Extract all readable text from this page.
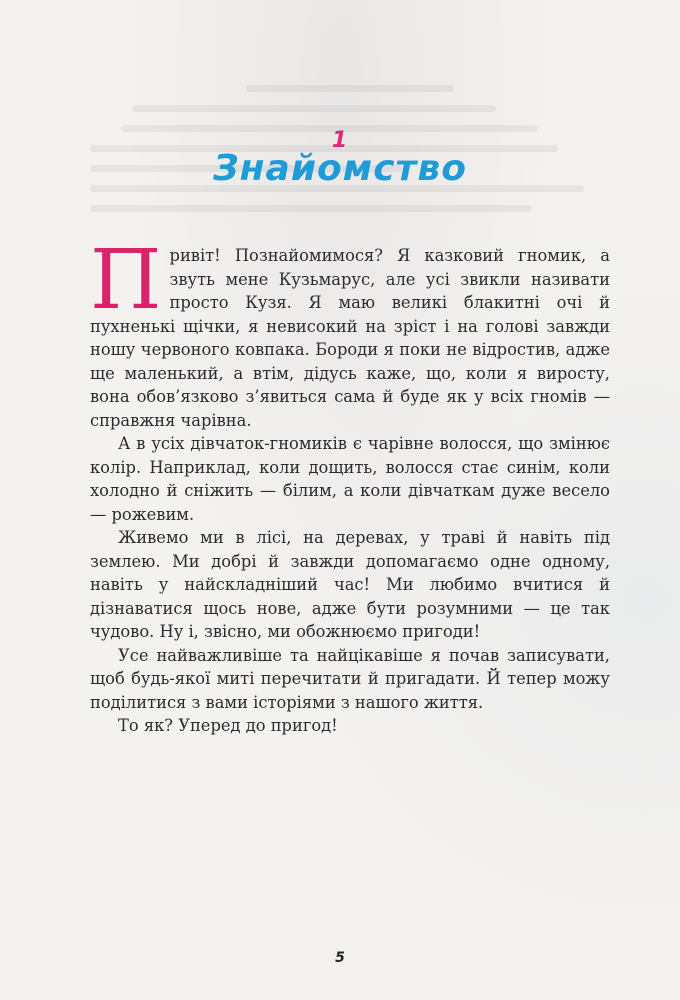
1
Знайомство

Привіт! Познайомимося? Я казковий гномик, а звуть мене Кузьмарус, але усі звикли називати просто Кузя. Я маю великі блакитні очі й пухненькі щічки, я невисокий на зріст і на голові завжди ношу червоного ковпака. Бороди я поки не відростив, адже ще маленький, а втім, дідусь каже, що, коли я виросту, вона обов’язково з’явиться сама й буде як у всіх гномів — справжня чарівна.

А в усіх дівчаток-гномиків є чарівне волосся, що змінює колір. Наприклад, коли дощить, волосся стає синім, коли холодно й сніжить — білим, а коли дівчаткам дуже весело — рожевим.

Живемо ми в лісі, на деревах, у траві й навіть під землею. Ми добрі й завжди допомагаємо одне одному, навіть у найскладніший час! Ми любимо вчитися й дізнаватися щось нове, адже бути розумними — це так чудово. Ну і, звісно, ми обожнюємо пригоди!

Усе найважливіше та найцікавіше я почав записувати, щоб будь-якої миті перечитати й пригадати. Й тепер можу поділитися з вами історіями з нашого життя.

То як? Уперед до пригод!

5
